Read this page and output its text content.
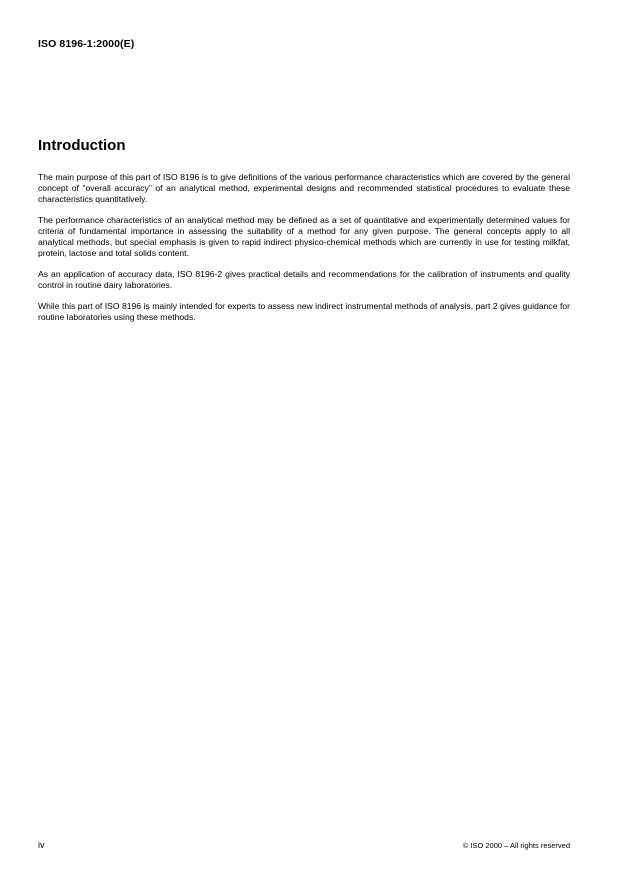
ISO 8196-1:2000(E)
Introduction

The main purpose of this part of ISO 8196 is to give definitions of the various performance characteristics which are covered by the general concept of “overall accuracy” of an analytical method, experimental designs and recommended statistical procedures to evaluate these characteristics quantitatively.

The performance characteristics of an analytical method may be defined as a set of quantitative and experimentally determined values for criteria of fundamental importance in assessing the suitability of a method for any given purpose. The general concepts apply to all analytical methods, but special emphasis is given to rapid indirect physico-chemical methods which are currently in use for testing milkfat, protein, lactose and total solids content.

As an application of accuracy data, ISO 8196-2 gives practical details and recommendations for the calibration of instruments and quality control in routine dairy laboratories.

While this part of ISO 8196 is mainly intended for experts to assess new indirect instrumental methods of analysis, part 2 gives guidance for routine laboratories using these methods.

iv	© ISO 2000 – All rights reserved
